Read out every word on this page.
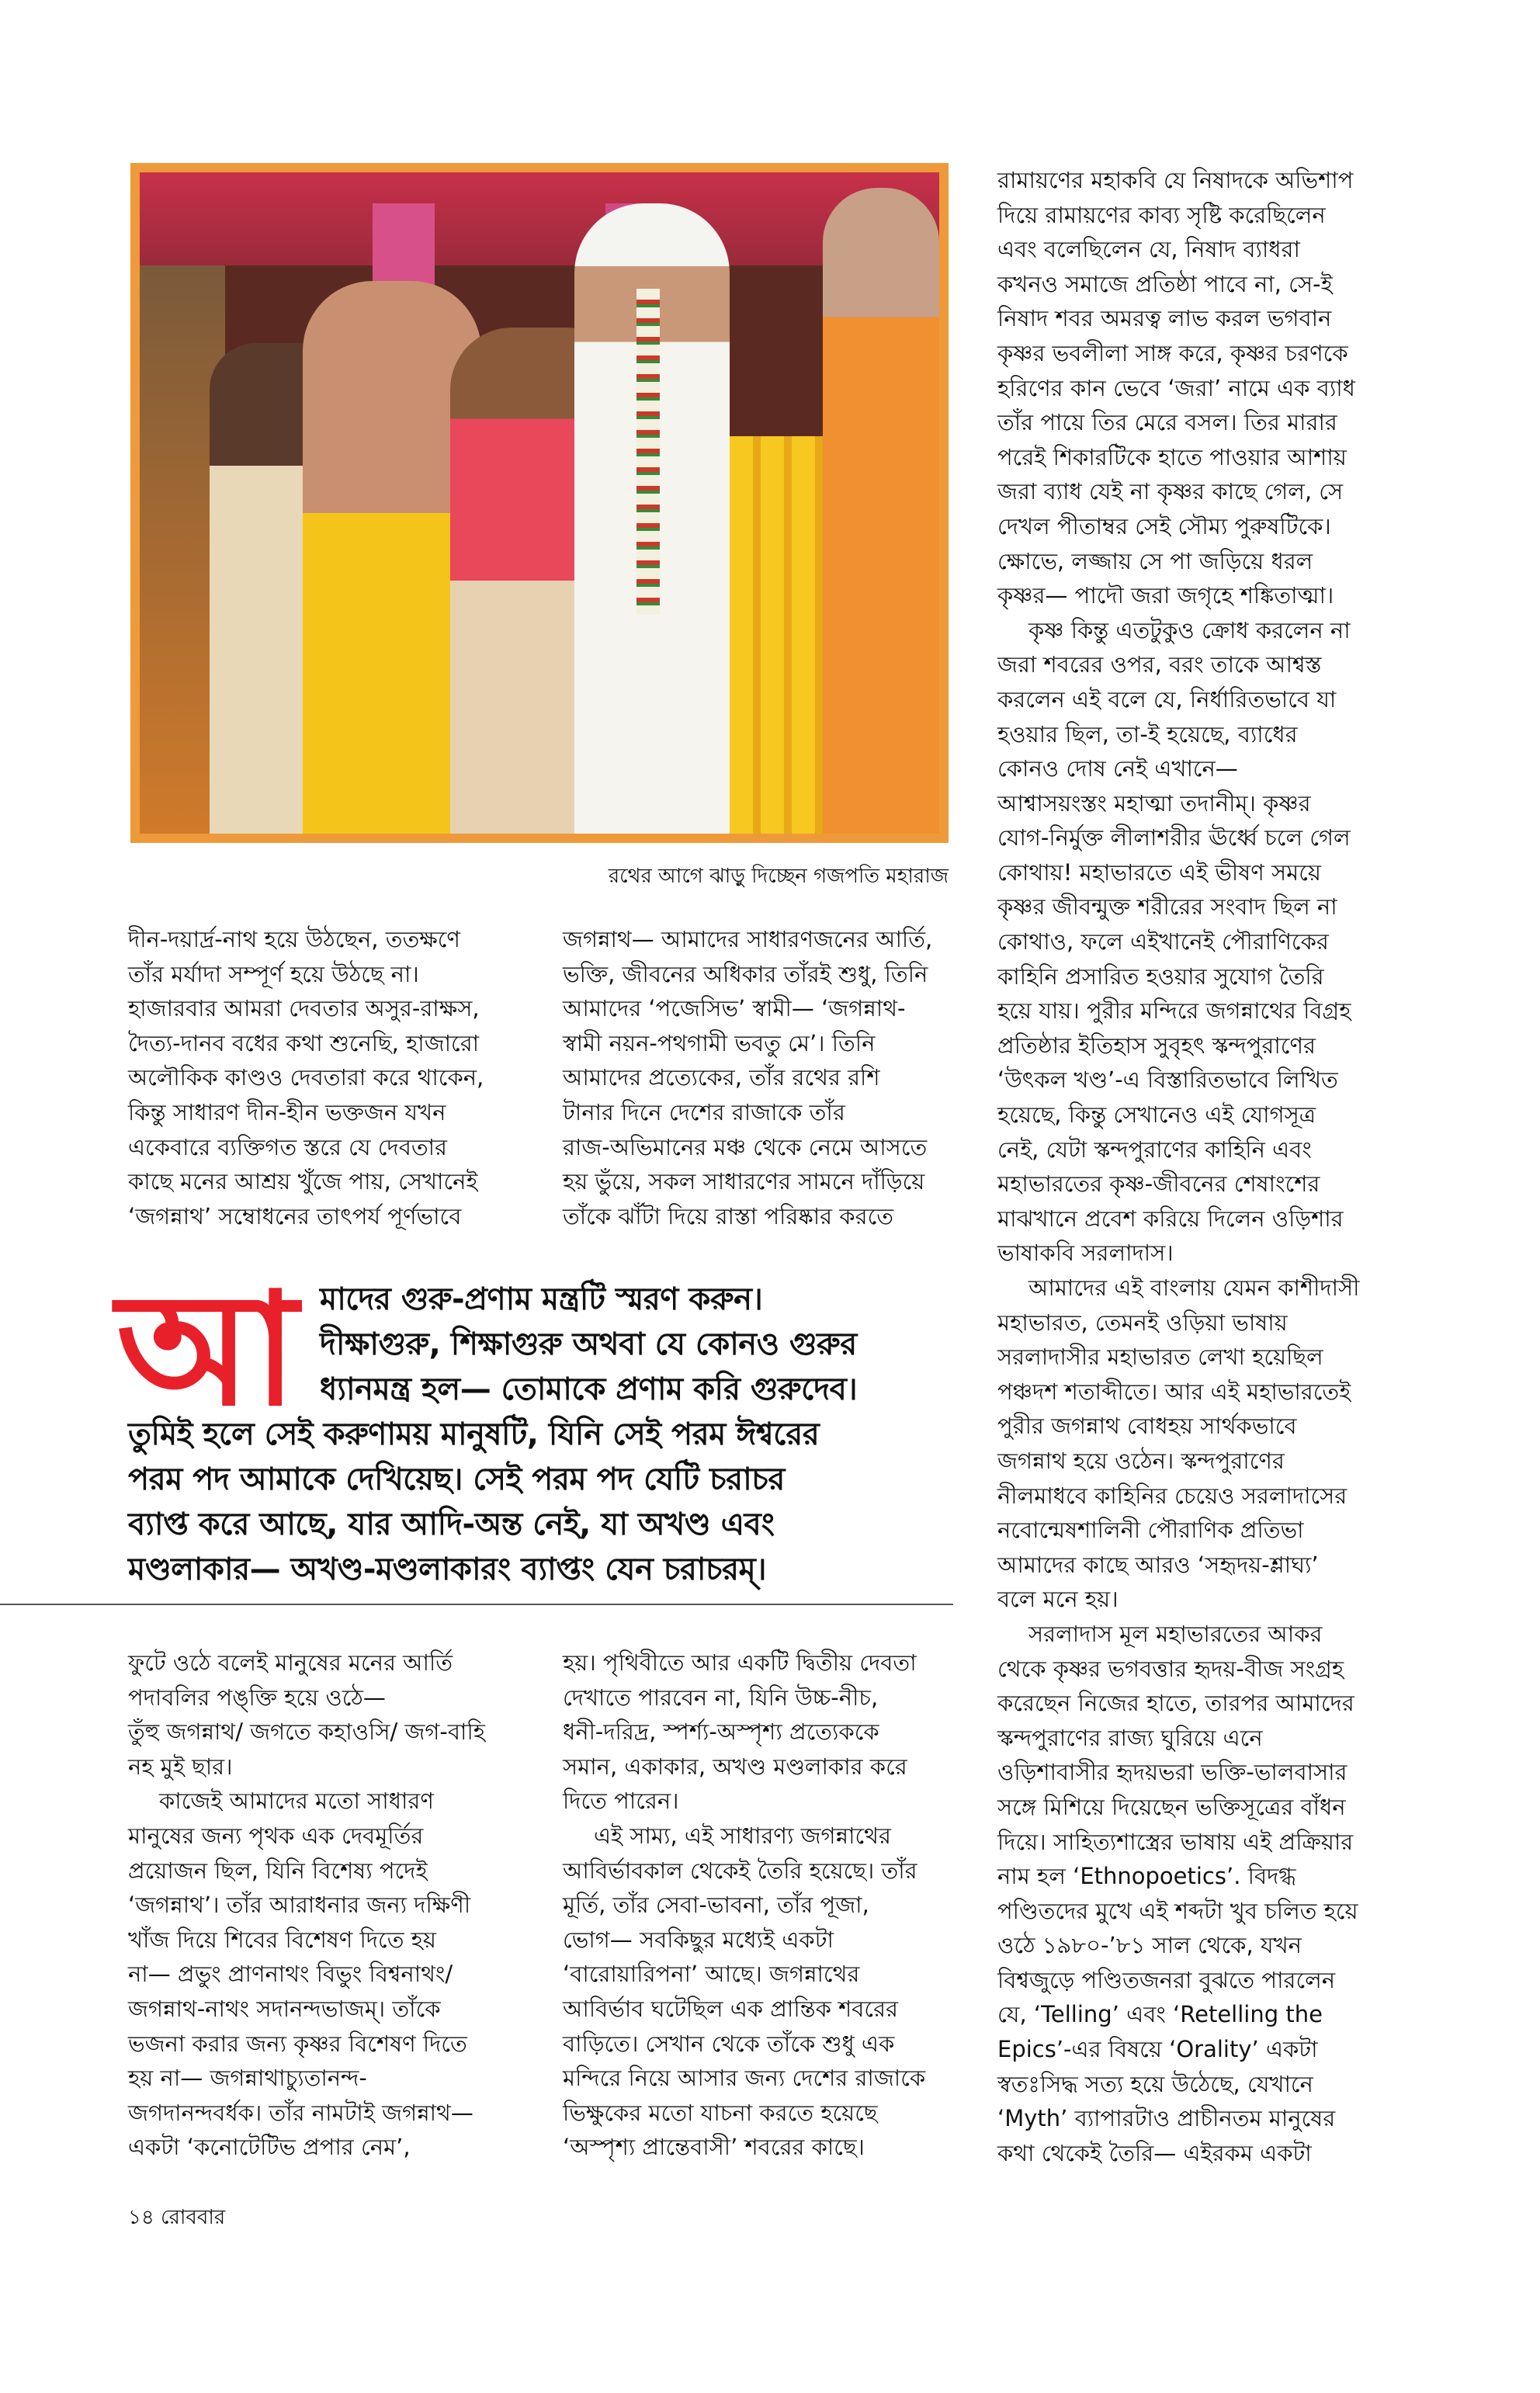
রথের আগে ঝাড়ু দিচ্ছেন গজপতি মহারাজ
দীন-দয়ার্দ্র-নাথ হয়ে উঠছেন, ততক্ষণে
তাঁর মর্যাদা সম্পূর্ণ হয়ে উঠছে না।
হাজারবার আমরা দেবতার অসুর-রাক্ষস,
দৈত্য-দানব বধের কথা শুনেছি, হাজারো
অলৌকিক কাণ্ডও দেবতারা করে থাকেন,
কিন্তু সাধারণ দীন-হীন ভক্তজন যখন
একেবারে ব্যক্তিগত স্তরে যে দেবতার
কাছে মনের আশ্রয় খুঁজে পায়, সেখানেই
‘জগন্নাথ’ সম্বোধনের তাৎপর্য পূর্ণভাবে
জগন্নাথ— আমাদের সাধারণজনের আর্তি,
ভক্তি, জীবনের অধিকার তাঁরই শুধু, তিনি
আমাদের ‘পজেসিভ’ স্বামী— ‘জগন্নাথ-
স্বামী নয়ন-পথগামী ভবতু মে’। তিনি
আমাদের প্রত্যেকের, তাঁর রথের রশি
টানার দিনে দেশের রাজাকে তাঁর
রাজ-অভিমানের মঞ্চ থেকে নেমে আসতে
হয় ভুঁয়ে, সকল সাধারণের সামনে দাঁড়িয়ে
তাঁকে ঝাঁটা দিয়ে রাস্তা পরিষ্কার করতে
রামায়ণের মহাকবি যে নিষাদকে অভিশাপ
দিয়ে রামায়ণের কাব্য সৃষ্টি করেছিলেন
এবং বলেছিলেন যে, নিষাদ ব্যাধরা
কখনও সমাজে প্রতিষ্ঠা পাবে না, সে-ই
নিষাদ শবর অমরত্ব লাভ করল ভগবান
কৃষ্ণর ভবলীলা সাঙ্গ করে, কৃষ্ণর চরণকে
হরিণের কান ভেবে ‘জরা’ নামে এক ব্যাধ
তাঁর পায়ে তির মেরে বসল। তির মারার
পরেই শিকারটিকে হাতে পাওয়ার আশায়
জরা ব্যাধ যেই না কৃষ্ণর কাছে গেল, সে
দেখল পীতাম্বর সেই সৌম্য পুরুষটিকে।
ক্ষোভে, লজ্জায় সে পা জড়িয়ে ধরল
কৃষ্ণর— পাদৌ জরা জগৃহে শঙ্কিতাত্মা।
কৃষ্ণ কিন্তু এতটুকুও ক্রোধ করলেন না
জরা শবরের ওপর, বরং তাকে আশ্বস্ত
করলেন এই বলে যে, নির্ধারিতভাবে যা
হওয়ার ছিল, তা-ই হয়েছে, ব্যাধের
কোনও দোষ নেই এখানে—
আশ্বাসয়ংস্তং মহাত্মা তদানীম্। কৃষ্ণর
যোগ-নির্মুক্ত লীলাশরীর ঊর্ধ্বে চলে গেল
কোথায়! মহাভারতে এই ভীষণ সময়ে
কৃষ্ণর জীবন্মুক্ত শরীরের সংবাদ ছিল না
কোথাও, ফলে এইখানেই পৌরাণিকের
কাহিনি প্রসারিত হওয়ার সুযোগ তৈরি
হয়ে যায়। পুরীর মন্দিরে জগন্নাথের বিগ্রহ
প্রতিষ্ঠার ইতিহাস সুবৃহৎ স্কন্দপুরাণের
‘উৎকল খণ্ড’-এ বিস্তারিতভাবে লিখিত
হয়েছে, কিন্তু সেখানেও এই যোগসূত্র
নেই, যেটা স্কন্দপুরাণের কাহিনি এবং
মহাভারতের কৃষ্ণ-জীবনের শেষাংশের
মাঝখানে প্রবেশ করিয়ে দিলেন ওড়িশার
ভাষাকবি সরলাদাস।
আমাদের এই বাংলায় যেমন কাশীদাসী
মহাভারত, তেমনই ওড়িয়া ভাষায়
সরলাদাসীর মহাভারত লেখা হয়েছিল
পঞ্চদশ শতাব্দীতে। আর এই মহাভারতেই
পুরীর জগন্নাথ বোধহয় সার্থকভাবে
জগন্নাথ হয়ে ওঠেন। স্কন্দপুরাণের
নীলমাধবে কাহিনির চেয়েও সরলাদাসের
নবোন্মেষশালিনী পৌরাণিক প্রতিভা
আমাদের কাছে আরও ‘সহৃদয়-শ্লাঘ্য’
বলে মনে হয়।
সরলাদাস মূল মহাভারতের আকর
থেকে কৃষ্ণর ভগবত্তার হৃদয়-বীজ সংগ্রহ
করেছেন নিজের হাতে, তারপর আমাদের
স্কন্দপুরাণের রাজ্য ঘুরিয়ে এনে
ওড়িশাবাসীর হৃদয়ভরা ভক্তি-ভালবাসার
সঙ্গে মিশিয়ে দিয়েছেন ভক্তিসূত্রের বাঁধন
দিয়ে। সাহিত্যশাস্ত্রের ভাষায় এই প্রক্রিয়ার
নাম হল ‘Ethnopoetics’. বিদগ্ধ
পণ্ডিতদের মুখে এই শব্দটা খুব চলিত হয়ে
ওঠে ১৯৮০-’৮১ সাল থেকে, যখন
বিশ্বজুড়ে পণ্ডিতজনরা বুঝতে পারলেন
যে, ‘Telling’ এবং ‘Retelling the
Epics’-এর বিষয়ে ‘Orality’ একটা
স্বতঃসিদ্ধ সত্য হয়ে উঠেছে, যেখানে
‘Myth’ ব্যাপারটাও প্রাচীনতম মানুষের
কথা থেকেই তৈরি— এইরকম একটা
আ মাদের গুরু-প্রণাম মন্ত্রটি স্মরণ করুন।
দীক্ষাগুরু, শিক্ষাগুরু অথবা যে কোনও গুরুর
ধ্যানমন্ত্র হল— তোমাকে প্রণাম করি গুরুদেব।
তুমিই হলে সেই করুণাময় মানুষটি, যিনি সেই পরম ঈশ্বরের
পরম পদ আমাকে দেখিয়েছ। সেই পরম পদ যেটি চরাচর
ব্যাপ্ত করে আছে, যার আদি-অন্ত নেই, যা অখণ্ড এবং
মণ্ডলাকার— অখণ্ড-মণ্ডলাকারং ব্যাপ্তং যেন চরাচরম্।
ফুটে ওঠে বলেই মানুষের মনের আর্তি
পদাবলির পঙ্‌ক্তি হয়ে ওঠে—
তুঁহু জগন্নাথ/ জগতে কহাওসি/ জগ-বাহি
নহ মুই ছার।
কাজেই আমাদের মতো সাধারণ
মানুষের জন্য পৃথক এক দেবমূর্তির
প্রয়োজন ছিল, যিনি বিশেষ্য পদেই
‘জগন্নাথ’। তাঁর আরাধনার জন্য দক্ষিণী
খাঁজ দিয়ে শিবের বিশেষণ দিতে হয়
না— প্রভুং প্রাণনাথং বিভুং বিশ্বনাথং/
জগন্নাথ-নাথং সদানন্দভাজম্। তাঁকে
ভজনা করার জন্য কৃষ্ণর বিশেষণ দিতে
হয় না— জগন্নাথাচ্যুতানন্দ-
জগদানন্দবর্ধক। তাঁর নামটাই জগন্নাথ—
একটা ‘কনোটেটিভ প্রপার নেম’,
হয়। পৃথিবীতে আর একটি দ্বিতীয় দেবতা
দেখাতে পারবেন না, যিনি উচ্চ-নীচ,
ধনী-দরিদ্র, স্পর্শ্য-অস্পৃশ্য প্রত্যেককে
সমান, একাকার, অখণ্ড মণ্ডলাকার করে
দিতে পারেন।
এই সাম্য, এই সাধারণ্য জগন্নাথের
আবির্ভাবকাল থেকেই তৈরি হয়েছে। তাঁর
মূর্তি, তাঁর সেবা-ভাবনা, তাঁর পূজা,
ভোগ— সবকিছুর মধ্যেই একটা
‘বারোয়ারিপনা’ আছে। জগন্নাথের
আবির্ভাব ঘটেছিল এক প্রান্তিক শবরের
বাড়িতে। সেখান থেকে তাঁকে শুধু এক
মন্দিরে নিয়ে আসার জন্য দেশের রাজাকে
ভিক্ষুকের মতো যাচনা করতে হয়েছে
‘অস্পৃশ্য প্রান্তেবাসী’ শবরের কাছে।
১৪ রোববার
